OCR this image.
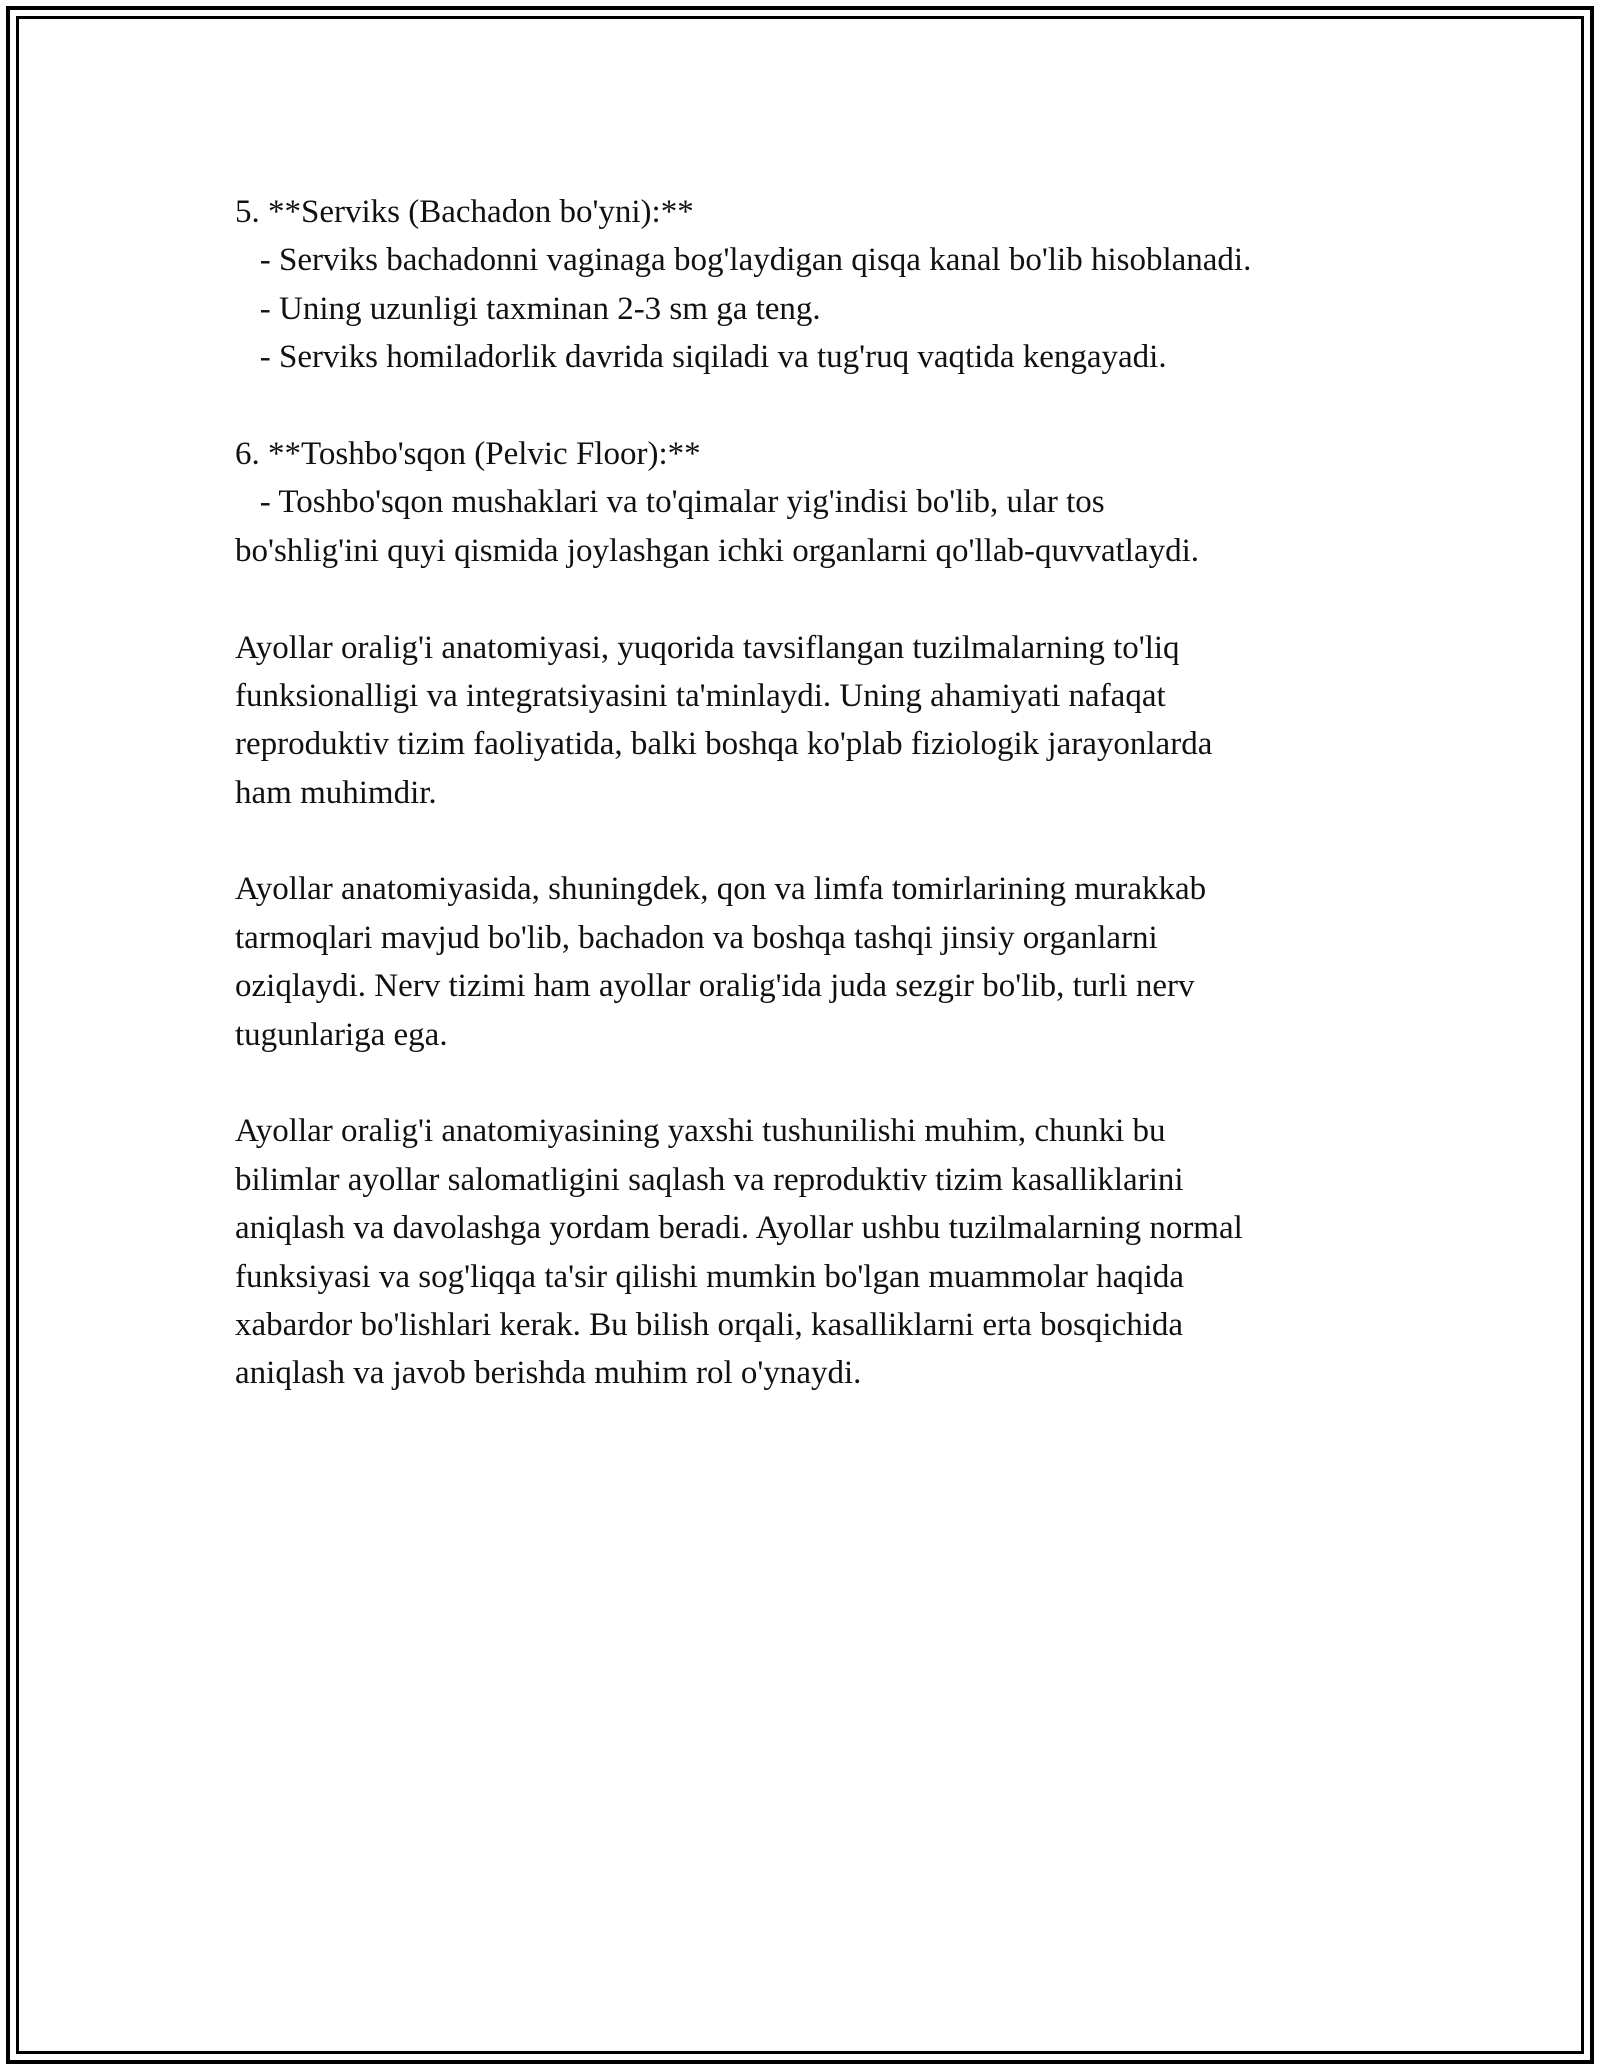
5. **Serviks (Bachadon bo'yni):**
- Serviks bachadonni vaginaga bog'laydigan qisqa kanal bo'lib hisoblanadi.
- Uning uzunligi taxminan 2-3 sm ga teng.
- Serviks homiladorlik davrida siqiladi va tug'ruq vaqtida kengayadi.
6. **Toshbo'sqon (Pelvic Floor):**
- Toshbo'sqon mushaklari va to'qimalar yig'indisi bo'lib, ular tos
bo'shlig'ini quyi qismida joylashgan ichki organlarni qo'llab-quvvatlaydi.
Ayollar oralig'i anatomiyasi, yuqorida tavsiflangan tuzilmalarning to'liq
funksionalligi va integratsiyasini ta'minlaydi. Uning ahamiyati nafaqat
reproduktiv tizim faoliyatida, balki boshqa ko'plab fiziologik jarayonlarda
ham muhimdir.
Ayollar anatomiyasida, shuningdek, qon va limfa tomirlarining murakkab
tarmoqlari mavjud bo'lib, bachadon va boshqa tashqi jinsiy organlarni
oziqlaydi. Nerv tizimi ham ayollar oralig'ida juda sezgir bo'lib, turli nerv
tugunlariga ega.
Ayollar oralig'i anatomiyasining yaxshi tushunilishi muhim, chunki bu
bilimlar ayollar salomatligini saqlash va reproduktiv tizim kasalliklarini
aniqlash va davolashga yordam beradi. Ayollar ushbu tuzilmalarning normal
funksiyasi va sog'liqqa ta'sir qilishi mumkin bo'lgan muammolar haqida
xabardor bo'lishlari kerak. Bu bilish orqali, kasalliklarni erta bosqichida
aniqlash va javob berishda muhim rol o'ynaydi.
